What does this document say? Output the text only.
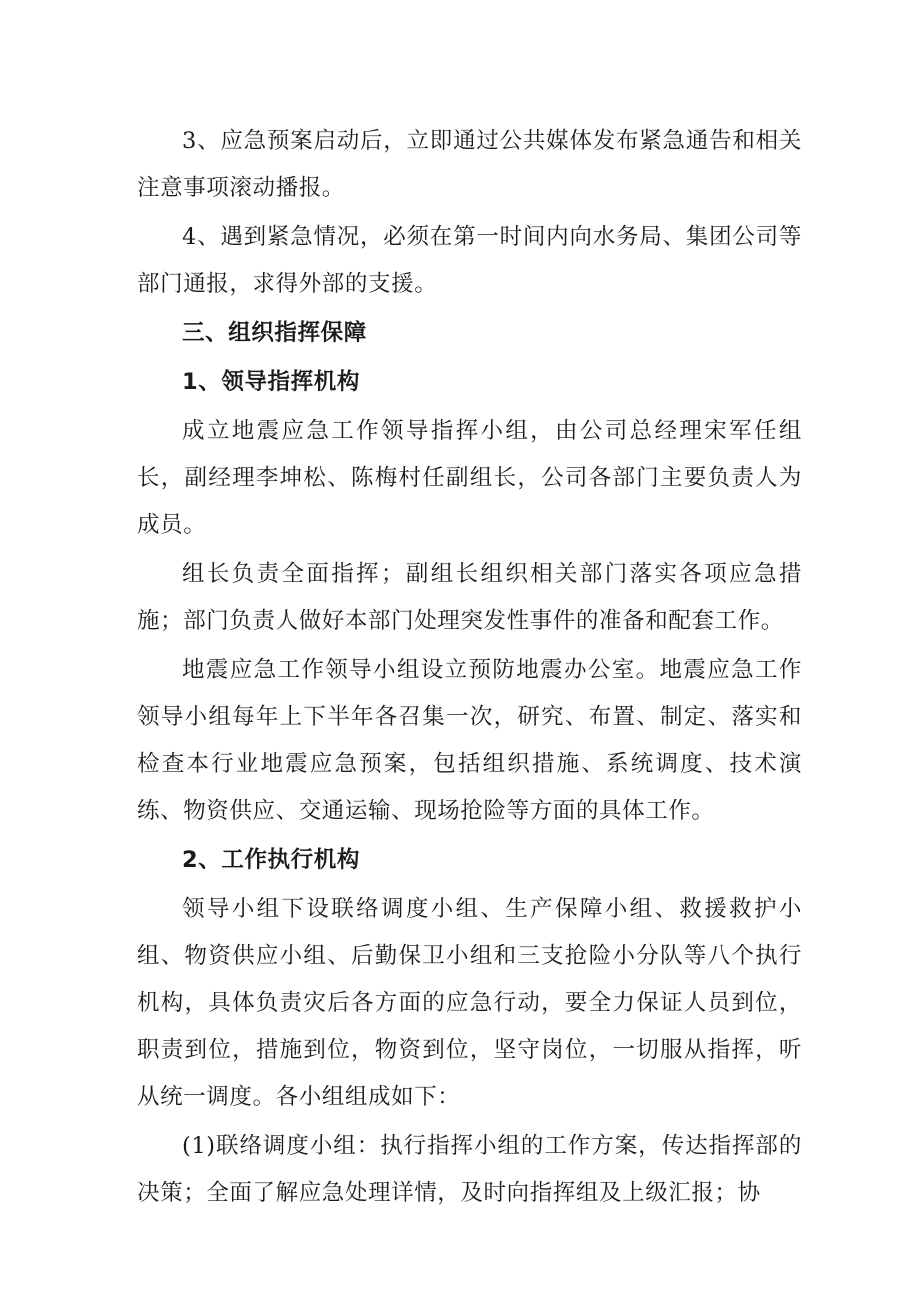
3、应急预案启动后，立即通过公共媒体发布紧急通告和相关注意事项滚动播报。

4、遇到紧急情况，必须在第一时间内向水务局、集团公司等部门通报，求得外部的支援。

三、组织指挥保障

1、领导指挥机构

成立地震应急工作领导指挥小组，由公司总经理宋军任组长，副经理李坤松、陈梅村任副组长，公司各部门主要负责人为成员。

组长负责全面指挥；副组长组织相关部门落实各项应急措施；部门负责人做好本部门处理突发性事件的准备和配套工作。

地震应急工作领导小组设立预防地震办公室。地震应急工作领导小组每年上下半年各召集一次，研究、布置、制定、落实和检查本行业地震应急预案，包括组织措施、系统调度、技术演练、物资供应、交通运输、现场抢险等方面的具体工作。

2、工作执行机构

领导小组下设联络调度小组、生产保障小组、救援救护小组、物资供应小组、后勤保卫小组和三支抢险小分队等八个执行机构，具体负责灾后各方面的应急行动，要全力保证人员到位，职责到位，措施到位，物资到位，坚守岗位，一切服从指挥，听从统一调度。各小组组成如下：

(1)联络调度小组：执行指挥小组的工作方案，传达指挥部的决策；全面了解应急处理详情，及时向指挥组及上级汇报；协
